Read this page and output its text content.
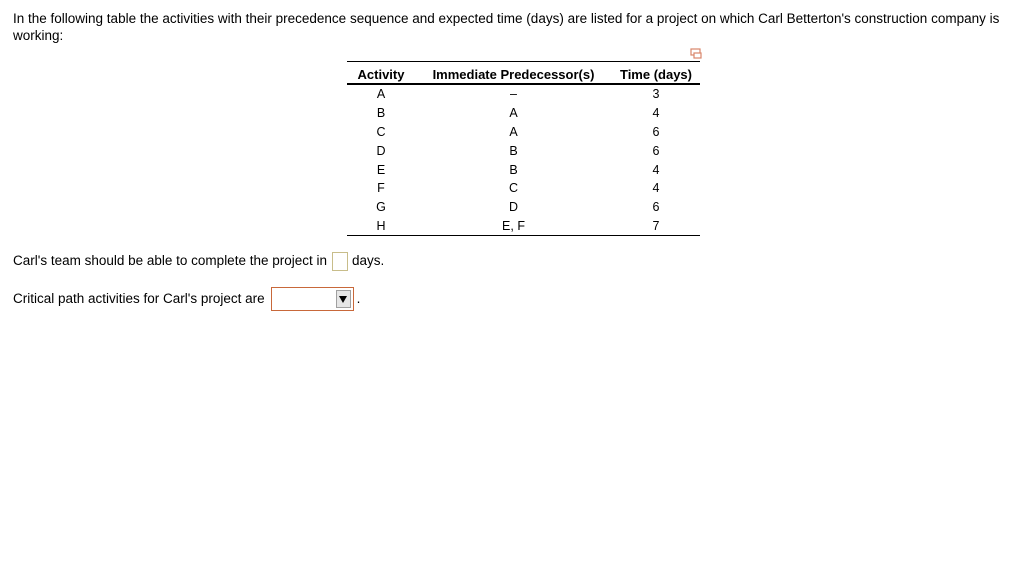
In the following table the activities with their precedence sequence and expected time (days) are listed for a project on which Carl Betterton's construction company is working:
Activity	Immediate Predecessor(s)	Time (days)
A	–	3
B	A	4
C	A	6
D	B	6
E	B	4
F	C	4
G	D	6
H	E, F	7
Carl's team should be able to complete the project in days.
Critical path activities for Carl's project are	.
